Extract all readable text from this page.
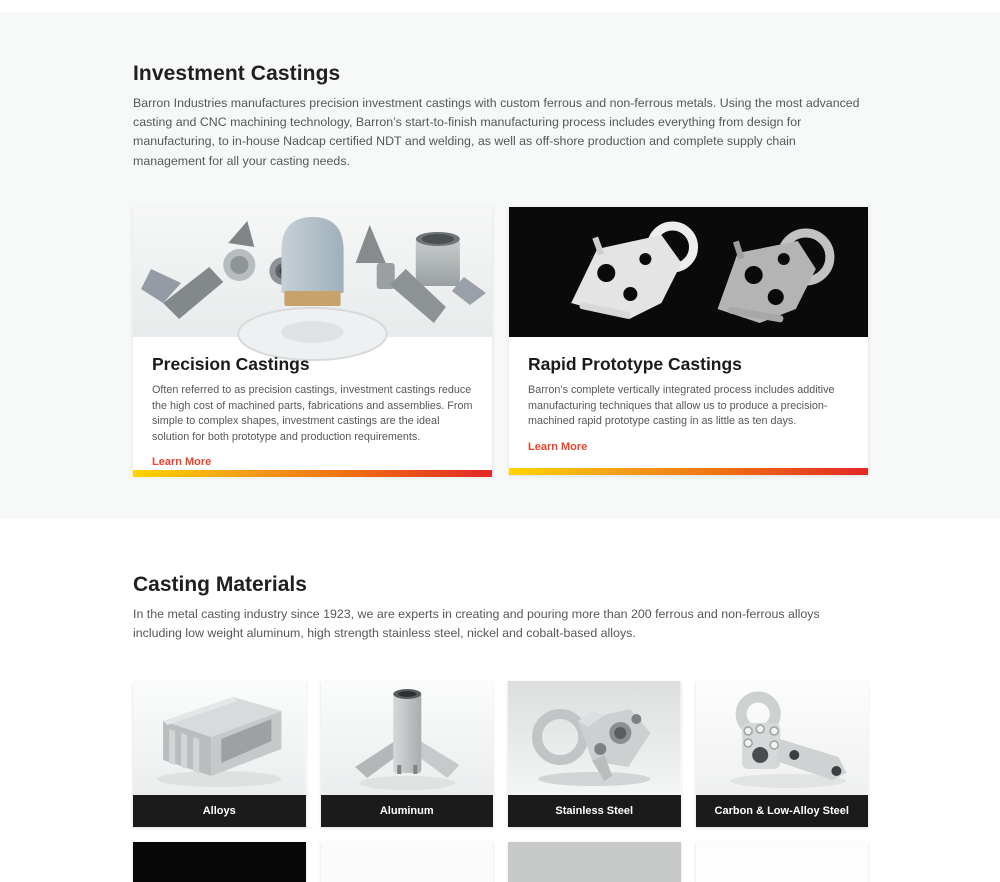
Investment Castings

Barron Industries manufactures precision investment castings with custom ferrous and non-ferrous metals. Using the most advanced casting and CNC machining technology, Barron’s start-to-finish manufacturing process includes everything from design for manufacturing, to in-house Nadcap certified NDT and welding, as well as off-shore production and complete supply chain management for all your casting needs.

Precision Castings

Often referred to as precision castings, investment castings reduce the high cost of machined parts, fabrications and assemblies. From simple to complex shapes, investment castings are the ideal solution for both prototype and production requirements.

Learn More
Rapid Prototype Castings

Barron’s complete vertically integrated process includes additive manufacturing techniques that allow us to produce a precision-machined rapid prototype casting in as little as ten days.

Learn More
Casting Materials

In the metal casting industry since 1923, we are experts in creating and pouring more than 200 ferrous and non-ferrous alloys including low weight aluminum, high strength stainless steel, nickel and cobalt-based alloys.

Alloys	Aluminum	Stainless Steel	Carbon & Low-Alloy Steel
